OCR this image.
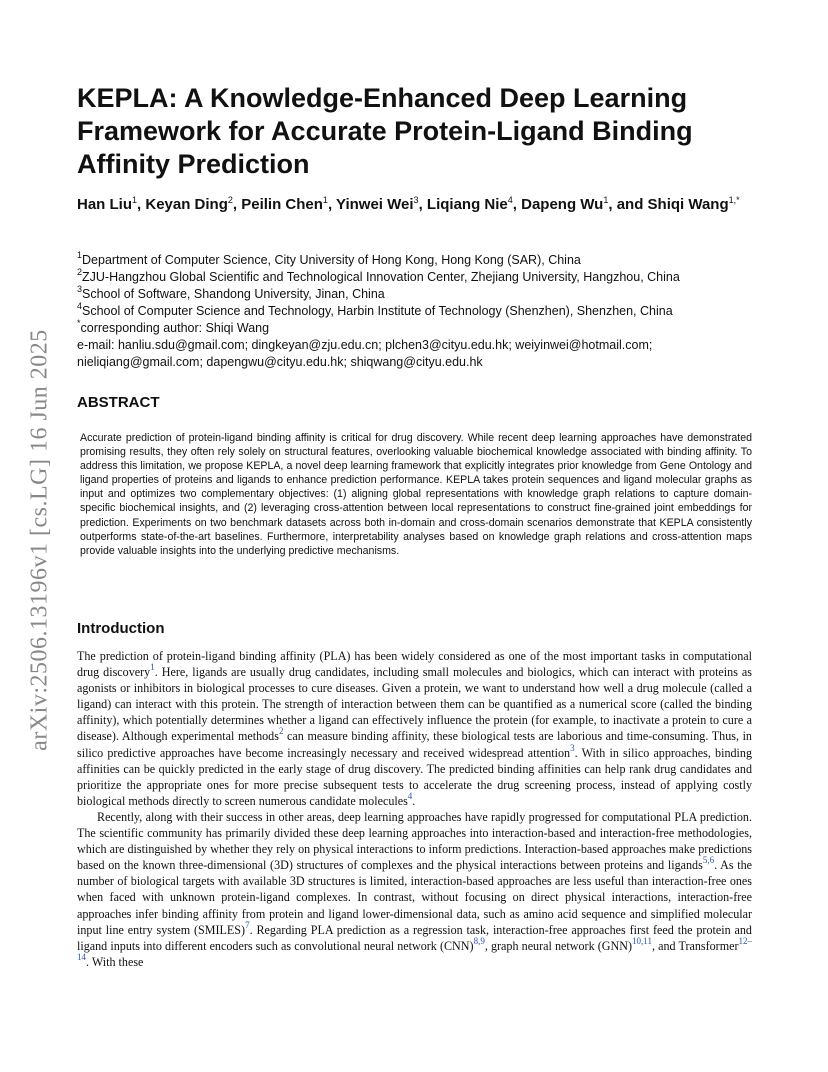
arXiv:2506.13196v1 [cs.LG] 16 Jun 2025
KEPLA: A Knowledge-Enhanced Deep Learning Framework for Accurate Protein-Ligand Binding Affinity Prediction

Han Liu$^1$, Keyan Ding$^2$, Peilin Chen$^1$, Yinwei Wei$^3$, Liqiang Nie$^4$, Dapeng Wu$^1$, and Shiqi Wang$^{1,*}$

$^1$Department of Computer Science, City University of Hong Kong, Hong Kong (SAR), China
$^2$ZJU-Hangzhou Global Scientific and Technological Innovation Center, Zhejiang University, Hangzhou, China
$^3$School of Software, Shandong University, Jinan, China
$^4$School of Computer Science and Technology, Harbin Institute of Technology (Shenzhen), Shenzhen, China
*corresponding author: Shiqi Wang
e-mail: hanliu.sdu@gmail.com; dingkeyan@zju.edu.cn; plchen3@cityu.edu.hk; weiyinwei@hotmail.com;
nieliqiang@gmail.com; dapengwu@cityu.edu.hk; shiqwang@cityu.edu.hk
ABSTRACT

Accurate prediction of protein-ligand binding affinity is critical for drug discovery. While recent deep learning approaches have demonstrated promising results, they often rely solely on structural features, overlooking valuable biochemical knowledge associated with binding affinity. To address this limitation, we propose KEPLA, a novel deep learning framework that explicitly integrates prior knowledge from Gene Ontology and ligand properties of proteins and ligands to enhance prediction performance. KEPLA takes protein sequences and ligand molecular graphs as input and optimizes two complementary objectives: (1) aligning global representations with knowledge graph relations to capture domain-specific biochemical insights, and (2) leveraging cross-attention between local representations to construct fine-grained joint embeddings for prediction. Experiments on two benchmark datasets across both in-domain and cross-domain scenarios demonstrate that KEPLA consistently outperforms state-of-the-art baselines. Furthermore, interpretability analyses based on knowledge graph relations and cross-attention maps provide valuable insights into the underlying predictive mechanisms.

Introduction

The prediction of protein-ligand binding affinity (PLA) has been widely considered as one of the most important tasks in computational drug discovery$^1$. Here, ligands are usually drug candidates, including small molecules and biologics, which can interact with proteins as agonists or inhibitors in biological processes to cure diseases. Given a protein, we want to understand how well a drug molecule (called a ligand) can interact with this protein. The strength of interaction between them can be quantified as a numerical score (called the binding affinity), which potentially determines whether a ligand can effectively influence the protein (for example, to inactivate a protein to cure a disease). Although experimental methods$^2$ can measure binding affinity, these biological tests are laborious and time-consuming. Thus, in silico predictive approaches have become increasingly necessary and received widespread attention$^3$. With in silico approaches, binding affinities can be quickly predicted in the early stage of drug discovery. The predicted binding affinities can help rank drug candidates and prioritize the appropriate ones for more precise subsequent tests to accelerate the drug screening process, instead of applying costly biological methods directly to screen numerous candidate molecules$^4$.

Recently, along with their success in other areas, deep learning approaches have rapidly progressed for computational PLA prediction. The scientific community has primarily divided these deep learning approaches into interaction-based and interaction-free methodologies, which are distinguished by whether they rely on physical interactions to inform predictions. Interaction-based approaches make predictions based on the known three-dimensional (3D) structures of complexes and the physical interactions between proteins and ligands$^{5,6}$. As the number of biological targets with available 3D structures is limited, interaction-based approaches are less useful than interaction-free ones when faced with unknown protein-ligand complexes. In contrast, without focusing on direct physical interactions, interaction-free approaches infer binding affinity from protein and ligand lower-dimensional data, such as amino acid sequence and simplified molecular input line entry system (SMILES)$^7$. Regarding PLA prediction as a regression task, interaction-free approaches first feed the protein and ligand inputs into different encoders such as convolutional neural network (CNN)$^{8,9}$, graph neural network (GNN)$^{10,11}$, and Transformer$^{12-14}$. With these
